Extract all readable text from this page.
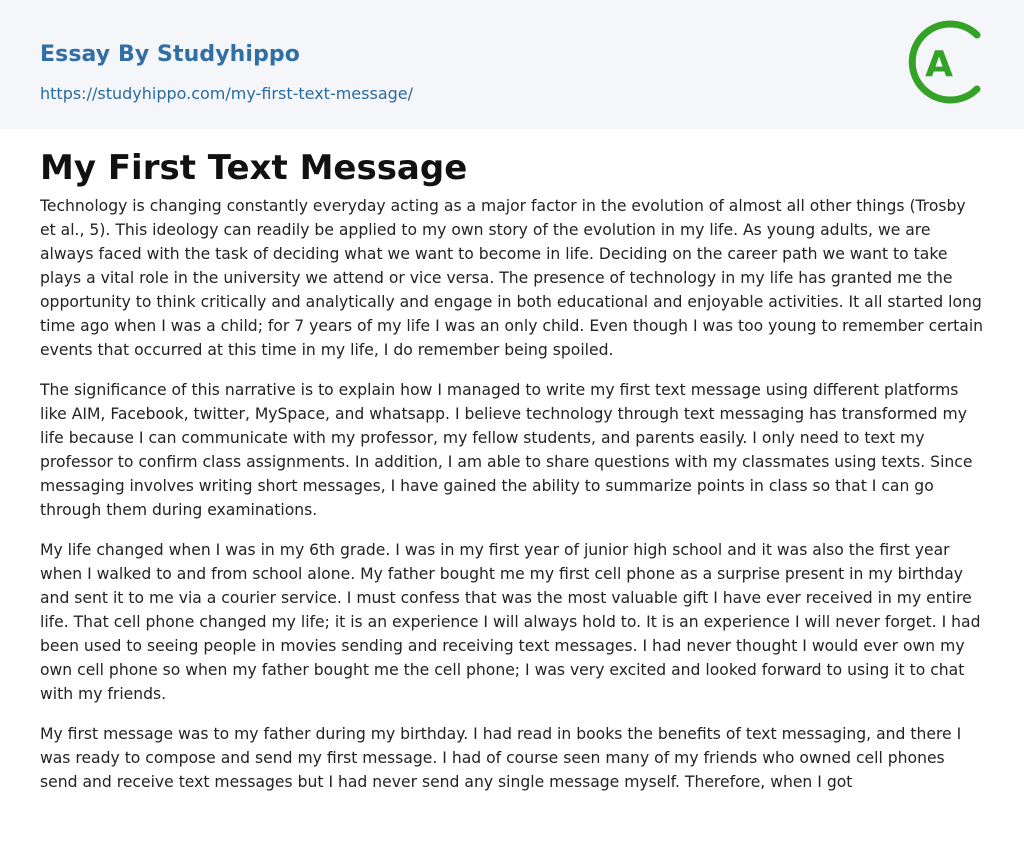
Essay By Studyhippo
https://studyhippo.com/my-first-text-message/
A
My First Text Message

Technology is changing constantly everyday acting as a major factor in the evolution of almost all other things (Trosby et al., 5). This ideology can readily be applied to my own story of the evolution in my life. As young adults, we are always faced with the task of deciding what we want to become in life. Deciding on the career path we want to take plays a vital role in the university we attend or vice versa. The presence of technology in my life has granted me the opportunity to think critically and analytically and engage in both educational and enjoyable activities. It all started long time ago when I was a child; for 7 years of my life I was an only child. Even though I was too young to remember certain events that occurred at this time in my life, I do remember being spoiled.

The significance of this narrative is to explain how I managed to write my first text message using different platforms like AIM, Facebook, twitter, MySpace, and whatsapp. I believe technology through text messaging has transformed my life because I can communicate with my professor, my fellow students, and parents easily. I only need to text my professor to confirm class assignments. In addition, I am able to share questions with my classmates using texts. Since messaging involves writing short messages, I have gained the ability to summarize points in class so that I can go through them during examinations.

My life changed when I was in my 6th grade. I was in my first year of junior high school and it was also the first year when I walked to and from school alone. My father bought me my first cell phone as a surprise present in my birthday and sent it to me via a courier service. I must confess that was the most valuable gift I have ever received in my entire life. That cell phone changed my life; it is an experience I will always hold to. It is an experience I will never forget. I had been used to seeing people in movies sending and receiving text messages. I had never thought I would ever own my own cell phone so when my father bought me the cell phone; I was very excited and looked forward to using it to chat with my friends.

My first message was to my father during my birthday. I had read in books the benefits of text messaging, and there I was ready to compose and send my first message. I had of course seen many of my friends who owned cell phones send and receive text messages but I had never send any single message myself. Therefore, when I got
